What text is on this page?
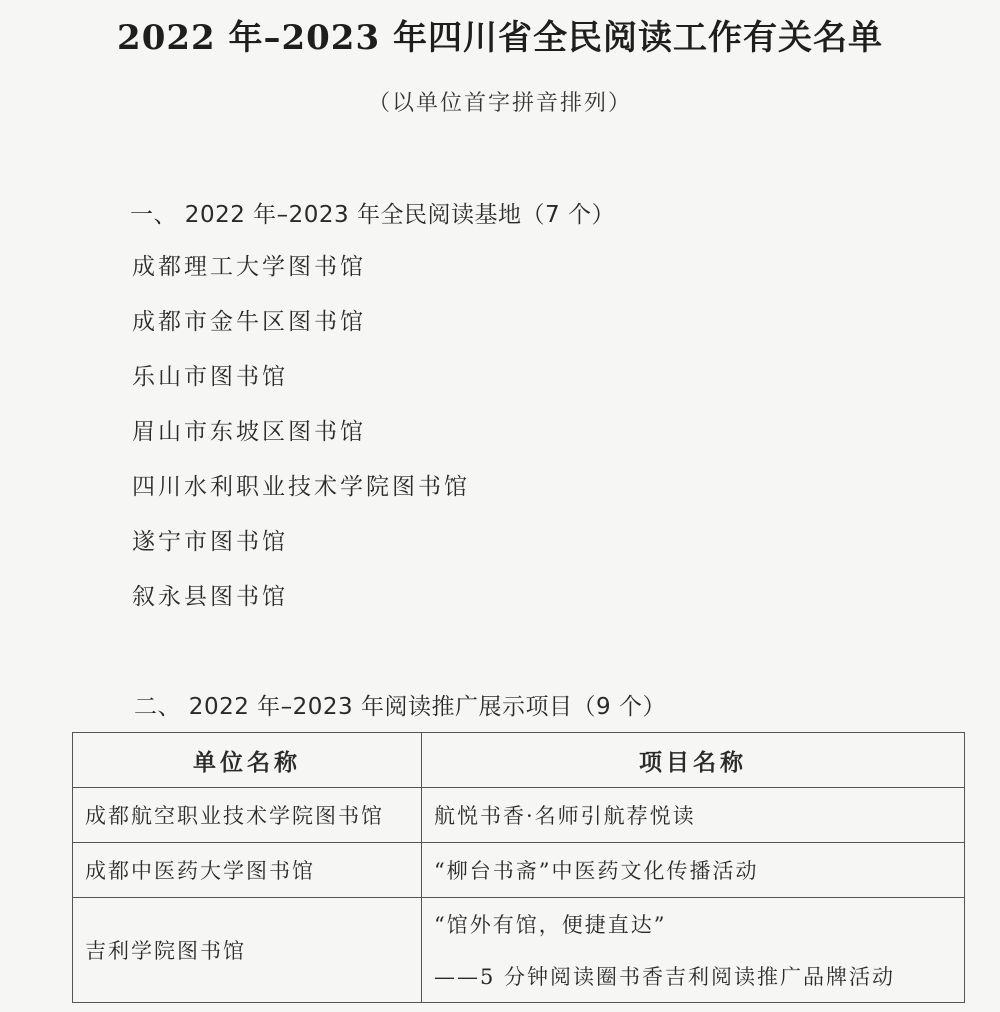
2022 年–2023 年四川省全民阅读工作有关名单
（以单位首字拼音排列）
一、 2022 年–2023 年全民阅读基地（7 个）
成都理工大学图书馆
成都市金牛区图书馆
乐山市图书馆
眉山市东坡区图书馆
四川水利职业技术学院图书馆
遂宁市图书馆
叙永县图书馆
二、 2022 年–2023 年阅读推广展示项目（9 个）
单位名称	项目名称
成都航空职业技术学院图书馆	航悦书香·名师引航荐悦读

成都中医药大学图书馆	“柳台书斋”中医药文化传播活动

吉利学院图书馆	“馆外有馆，便捷直达”
——5 分钟阅读圈书香吉利阅读推广品牌活动
